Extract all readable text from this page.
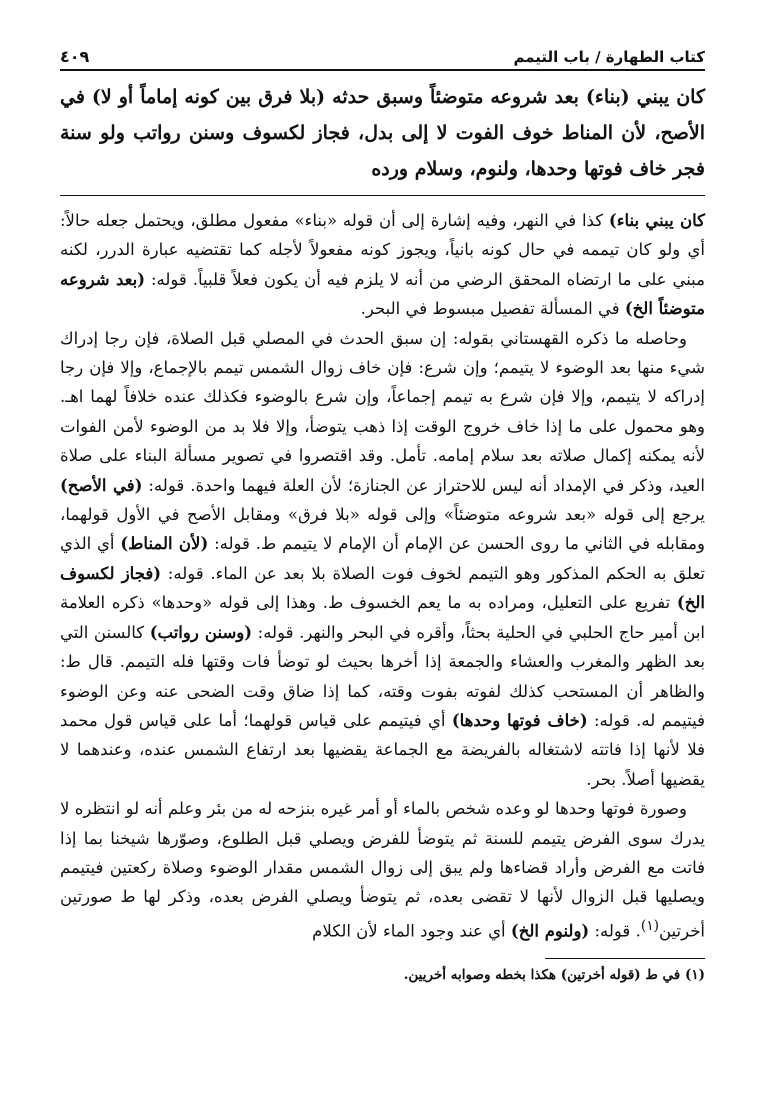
كتاب الطهارة / باب التيمم
٤٠٩

كان يبني (بناء) بعد شروعه متوضئاً وسبق حدثه (بلا فرق بين كونه إماماً أو لا) في الأصح، لأن المناط خوف الفوت لا إلى بدل، فجاز لكسوف وسنن رواتب ولو سنة فجر خاف فوتها وحدها، ولنوم، وسلام ورده

كان يبني بناء) كذا في النهر، وفيه إشارة إلى أن قوله «بناء» مفعول مطلق، ويحتمل جعله حالاً: أي ولو كان تيممه في حال كونه بانياً، ويجوز كونه مفعولاً لأجله كما تقتضيه عبارة الدرر، لكنه مبني على ما ارتضاه المحقق الرضي من أنه لا يلزم فيه أن يكون فعلاً قلبياً. قوله: (بعد شروعه متوضئاً الخ) في المسألة تفصيل مبسوط في البحر.

وحاصله ما ذكره القهستاني بقوله: إن سبق الحدث في المصلي قبل الصلاة، فإن رجا إدراك شيء منها بعد الوضوء لا يتيمم؛ وإن شرع: فإن خاف زوال الشمس تيمم بالإجماع، وإلا فإن رجا إدراكه لا يتيمم، وإلا فإن شرع به تيمم إجماعاً، وإن شرع بالوضوء فكذلك عنده خلافاً لهما اهـ. وهو محمول على ما إذا خاف خروج الوقت إذا ذهب يتوضأ، وإلا فلا بد من الوضوء لأمن الفوات لأنه يمكنه إكمال صلاته بعد سلام إمامه. تأمل. وقد اقتصروا في تصوير مسألة البناء على صلاة العيد، وذكر في الإمداد أنه ليس للاحتراز عن الجنازة؛ لأن العلة فيهما واحدة. قوله: (في الأصح) يرجع إلى قوله «بعد شروعه متوضئاً» وإلى قوله «بلا فرق» ومقابل الأصح في الأول قولهما، ومقابله في الثاني ما روى الحسن عن الإمام أن الإمام لا يتيمم ط. قوله: (لأن المناط) أي الذي تعلق به الحكم المذكور وهو التيمم لخوف فوت الصلاة بلا بعد عن الماء. قوله: (فجاز لكسوف الخ) تفريع على التعليل، ومراده به ما يعم الخسوف ط. وهذا إلى قوله «وحدها» ذكره العلامة ابن أمير حاج الحلبي في الحلية بحثاً، وأقره في البحر والنهر. قوله: (وسنن رواتب) كالسنن التي بعد الظهر والمغرب والعشاء والجمعة إذا أخرها بحيث لو توضأ فات وقتها فله التيمم. قال ط: والظاهر أن المستحب كذلك لفوته بفوت وقته، كما إذا ضاق وقت الضحى عنه وعن الوضوء فيتيمم له. قوله: (خاف فوتها وحدها) أي فيتيمم على قياس قولهما؛ أما على قياس قول محمد فلا لأنها إذا فاتته لاشتغاله بالفريضة مع الجماعة يقضيها بعد ارتفاع الشمس عنده، وعندهما لا يقضيها أصلاً. بحر.

وصورة فوتها وحدها لو وعده شخص بالماء أو أمر غيره بنزحه له من بئر وعلم أنه لو انتظره لا يدرك سوى الفرض يتيمم للسنة ثم يتوضأ للفرض ويصلي قبل الطلوع، وصوّرها شيخنا بما إذا فاتت مع الفرض وأراد قضاءها ولم يبق إلى زوال الشمس مقدار الوضوء وصلاة ركعتين فيتيمم ويصليها قبل الزوال لأنها لا تقضى بعده، ثم يتوضأ ويصلي الفرض بعده، وذكر لها ط صورتين أخرتين$^{(١)}$. قوله: (ولنوم الخ) أي عند وجود الماء لأن الكلام

(١) في ط (قوله أخرتين) هكذا بخطه وصوابه أخريين.
